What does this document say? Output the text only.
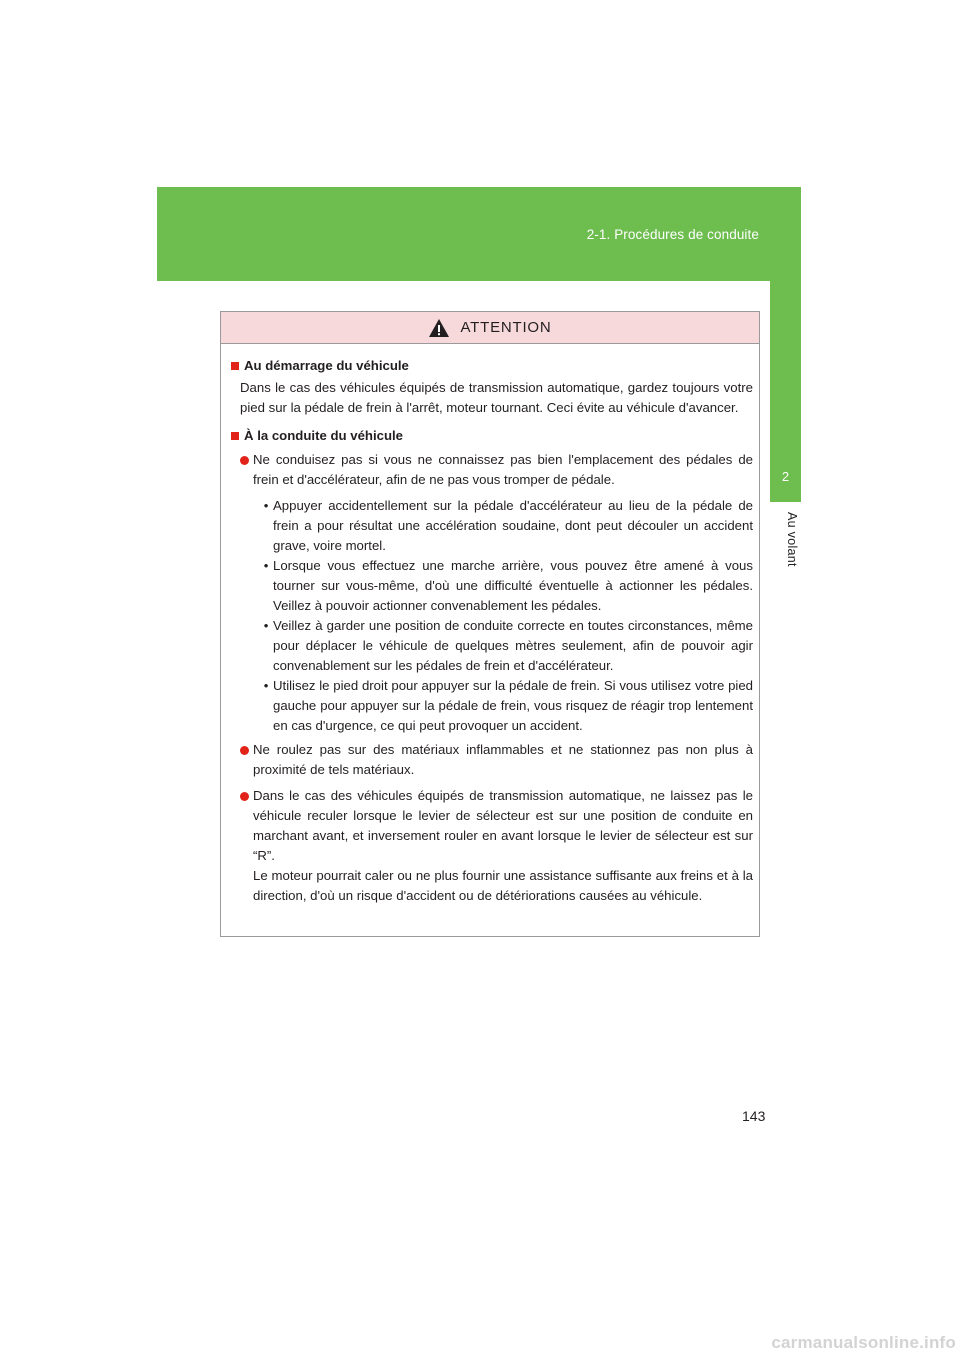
2-1. Procédures de conduite
2
Au volant
ATTENTION
Au démarrage du véhicule
Dans le cas des véhicules équipés de transmission automatique, gardez toujours votre pied sur la pédale de frein à l'arrêt, moteur tournant. Ceci évite au véhicule d'avancer.
À la conduite du véhicule
Ne conduisez pas si vous ne connaissez pas bien l'emplacement des pédales de frein et d'accélérateur, afin de ne pas vous tromper de pédale.
• Appuyer accidentellement sur la pédale d'accélérateur au lieu de la pédale de frein a pour résultat une accélération soudaine, dont peut découler un accident grave, voire mortel.
• Lorsque vous effectuez une marche arrière, vous pouvez être amené à vous tourner sur vous-même, d'où une difficulté éventuelle à actionner les pédales. Veillez à pouvoir actionner convenablement les pédales.
• Veillez à garder une position de conduite correcte en toutes circonstances, même pour déplacer le véhicule de quelques mètres seulement, afin de pouvoir agir convenablement sur les pédales de frein et d'accélérateur.
• Utilisez le pied droit pour appuyer sur la pédale de frein. Si vous utilisez votre pied gauche pour appuyer sur la pédale de frein, vous risquez de réagir trop lentement en cas d'urgence, ce qui peut provoquer un accident.
Ne roulez pas sur des matériaux inflammables et ne stationnez pas non plus à proximité de tels matériaux.
Dans le cas des véhicules équipés de transmission automatique, ne laissez pas le véhicule reculer lorsque le levier de sélecteur est sur une position de conduite en marchant avant, et inversement rouler en avant lorsque le levier de sélecteur est sur “R”.
Le moteur pourrait caler ou ne plus fournir une assistance suffisante aux freins et à la direction, d'où un risque d'accident ou de détériorations causées au véhicule.
143
carmanualsonline.info
